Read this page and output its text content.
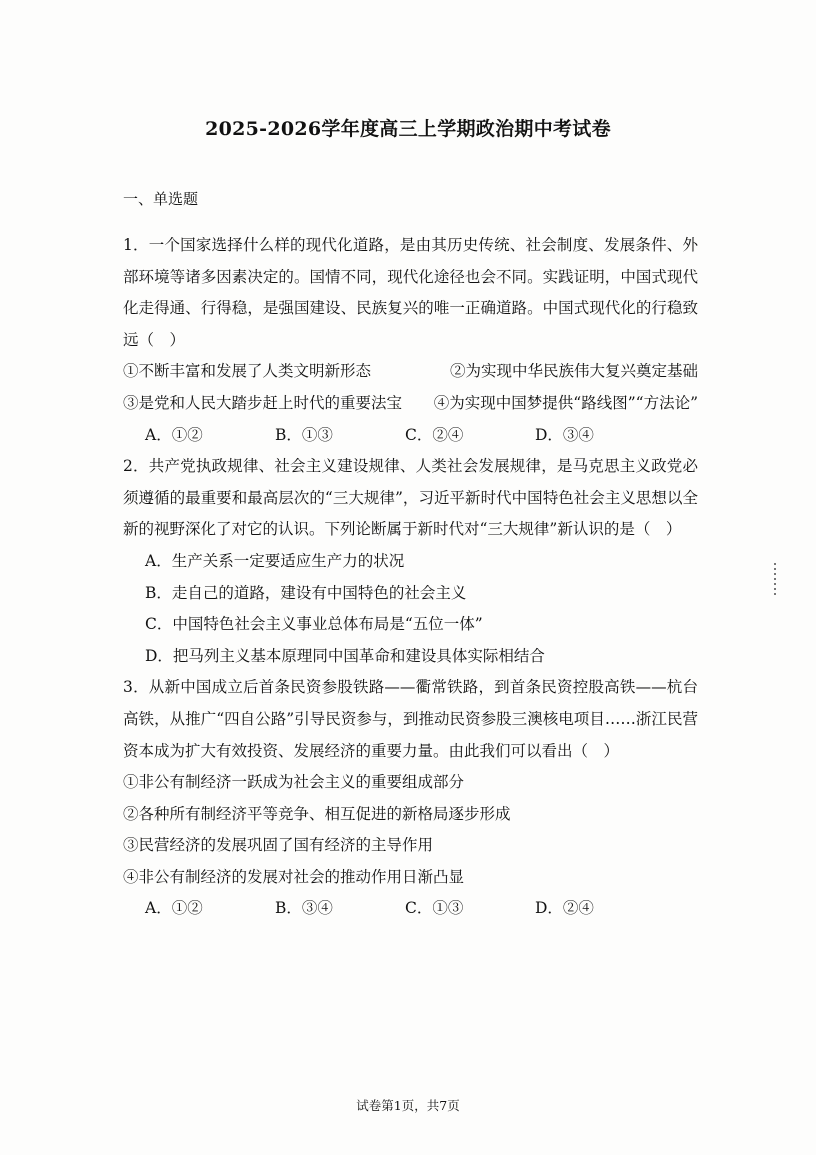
2025-2026学年度高三上学期政治期中考试卷
一、单选题
1．一个国家选择什么样的现代化道路，是由其历史传统、社会制度、发展条件、外部环境等诸多因素决定的。国情不同，现代化途径也会不同。实践证明，中国式现代化走得通、行得稳，是强国建设、民族复兴的唯一正确道路。中国式现代化的行稳致远（　）
①不断丰富和发展了人类文明新形态	②为实现中华民族伟大复兴奠定基础
③是党和人民大踏步赶上时代的重要法宝 ④为实现中国梦提供“路线图”“方法论”
A．①②	B．①③	C．②④	D．③④
2．共产党执政规律、社会主义建设规律、人类社会发展规律，是马克思主义政党必须遵循的最重要和最高层次的“三大规律”，习近平新时代中国特色社会主义思想以全新的视野深化了对它的认识。下列论断属于新时代对“三大规律”新认识的是（　）
A．生产关系一定要适应生产力的状况
B．走自己的道路，建设有中国特色的社会主义
C．中国特色社会主义事业总体布局是“五位一体”
D．把马列主义基本原理同中国革命和建设具体实际相结合
3．从新中国成立后首条民资参股铁路——衢常铁路，到首条民资控股高铁——杭台高铁，从推广“四自公路”引导民资参与，到推动民资参股三澳核电项目……浙江民营资本成为扩大有效投资、发展经济的重要力量。由此我们可以看出（　）
①非公有制经济一跃成为社会主义的重要组成部分
②各种所有制经济平等竞争、相互促进的新格局逐步形成
③民营经济的发展巩固了国有经济的主导作用
④非公有制经济的发展对社会的推动作用日渐凸显
A．①②	B．③④	C．①③	D．②④
试卷第1页，共7页
